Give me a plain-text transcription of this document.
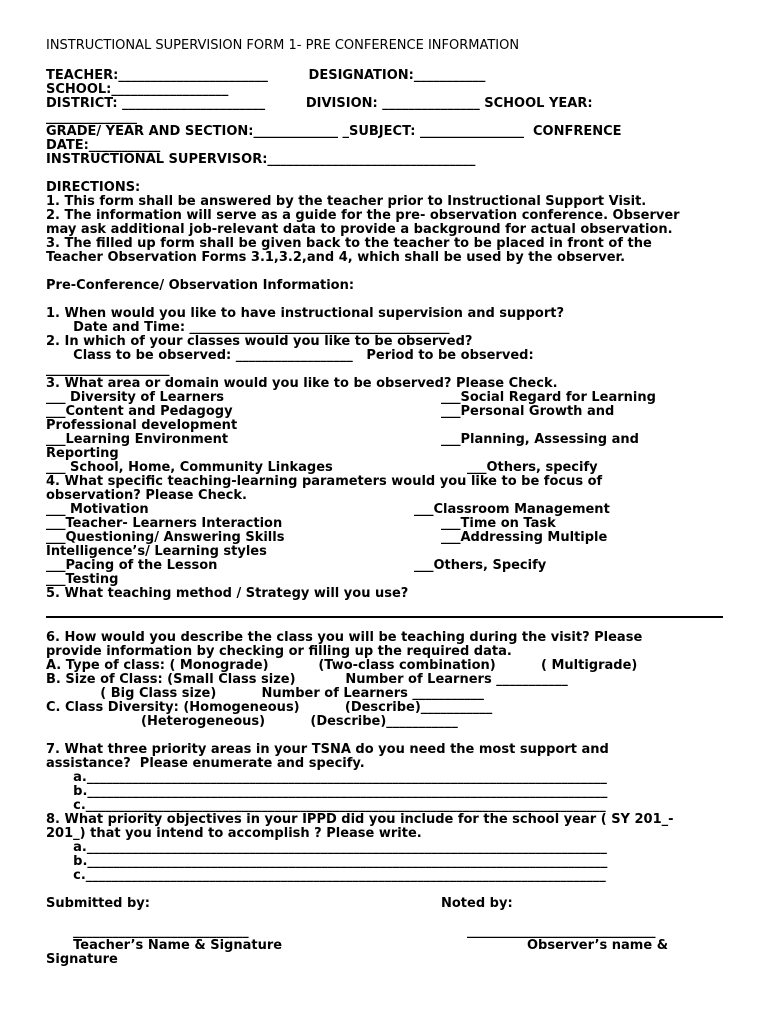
INSTRUCTIONAL SUPERVISION FORM 1- PRE CONFERENCE INFORMATION
TEACHER:_______________________         DESIGNATION:___________
SCHOOL:__________________
DISTRICT: ______________________         DIVISION: _______________ SCHOOL YEAR:
______________
GRADE/ YEAR AND SECTION:_____________ _SUBJECT: ________________  CONFRENCE
DATE:___________
INSTRUCTIONAL SUPERVISOR:________________________________
DIRECTIONS:
1. This form shall be answered by the teacher prior to Instructional Support Visit.
2. The information will serve as a guide for the pre- observation conference. Observer
may ask additional job-relevant data to provide a background for actual observation.
3. The filled up form shall be given back to the teacher to be placed in front of the
Teacher Observation Forms 3.1,3.2,and 4, which shall be used by the observer.
Pre-Conference/ Observation Information:
1. When would you like to have instructional supervision and support?
Date and Time: ________________________________________
2. In which of your classes would you like to be observed?
Class to be observed: __________________   Period to be observed:
___________________
3. What area or domain would you like to be observed? Please Check.
___ Diversity of Learners	___Social Regard for Learning
___Content and Pedagogy	___Personal Growth and
Professional development
___Learning Environment	___Planning, Assessing and
Reporting
___ School, Home, Community Linkages	___Others, specify
4. What specific teaching-learning parameters would you like to be focus of
observation? Please Check.
___ Motivation	___Classroom Management
___Teacher- Learners Interaction	___Time on Task
___Questioning/ Answering Skills	___Addressing Multiple
Intelligence’s/ Learning styles
___Pacing of the Lesson	___Others, Specify
___Testing
5. What teaching method / Strategy will you use?
6. How would you describe the class you will be teaching during the visit? Please
provide information by checking or filling up the required data.
A. Type of class: ( Monograde)           (Two-class combination)          ( Multigrade)
B. Size of Class: (Small Class size)           Number of Learners ___________
( Big Class size)          Number of Learners ___________
C. Class Diversity: (Homogeneous)          (Describe)___________
(Heterogeneous)          (Describe)___________
7. What three priority areas in your TSNA do you need the most support and
assistance?  Please enumerate and specify.
a.________________________________________________________________________________
b.________________________________________________________________________________
c.________________________________________________________________________________
8. What priority objectives in your IPPD did you include for the school year ( SY 201_-
201_) that you intend to accomplish ? Please write.
a.________________________________________________________________________________
b.________________________________________________________________________________
c.________________________________________________________________________________
Submitted by:	Noted by:
___________________________	_____________________________
Teacher’s Name & Signature	Observer’s name &
Signature
